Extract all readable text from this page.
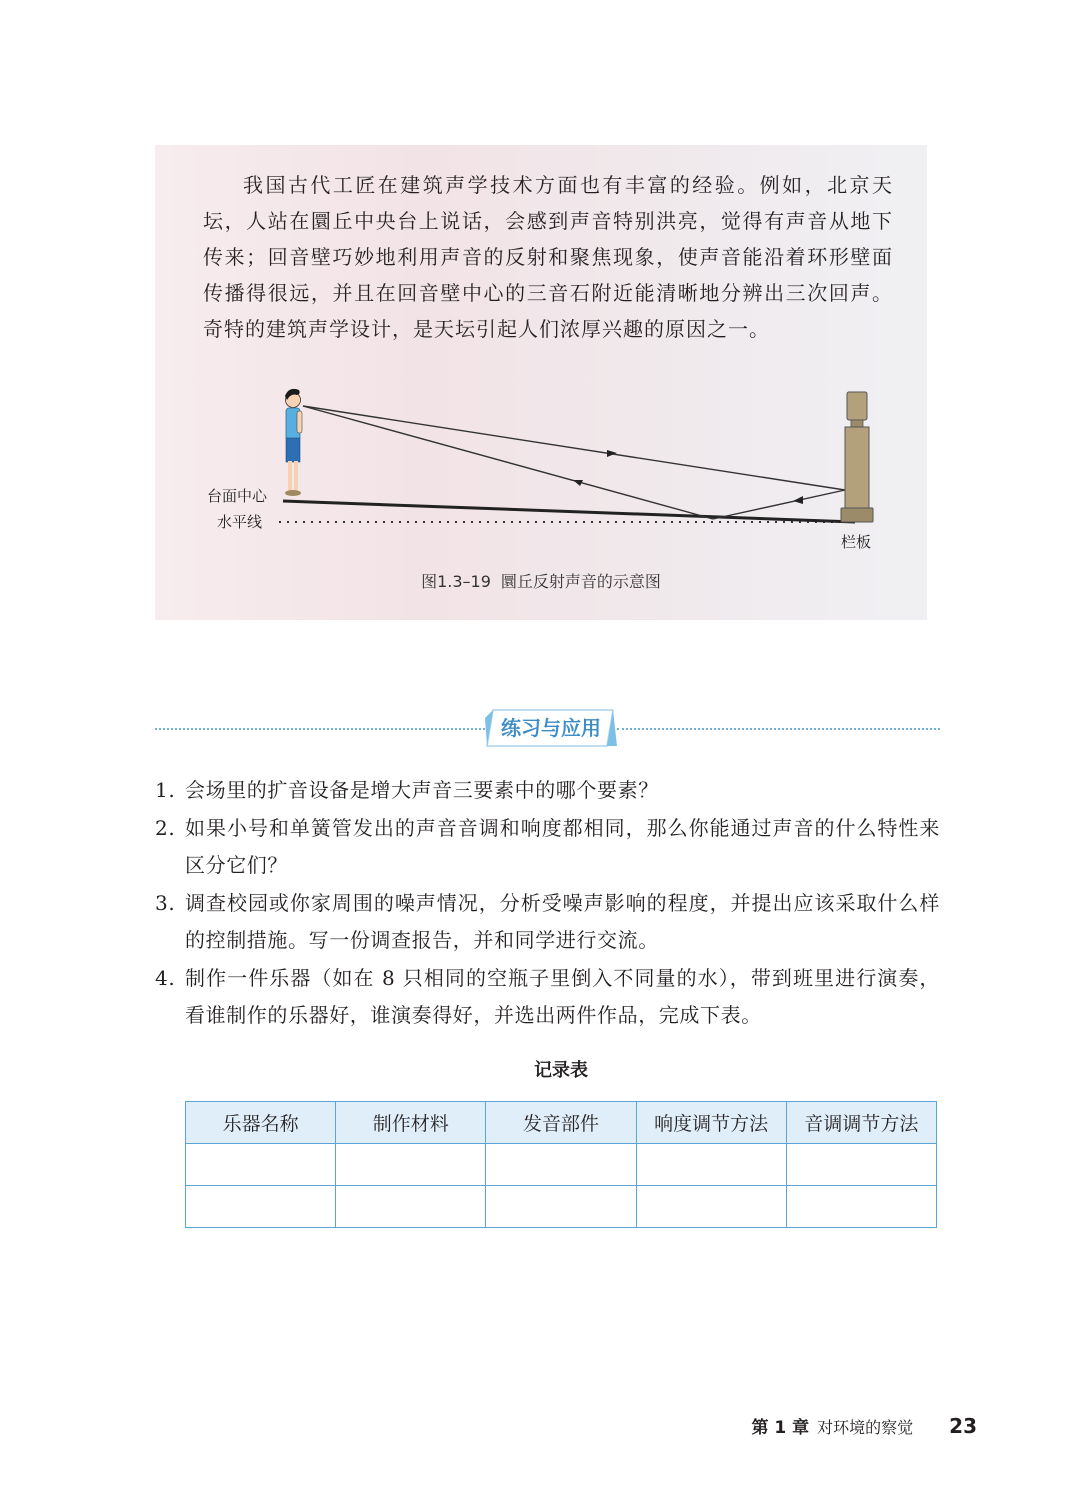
我国古代工匠在建筑声学技术方面也有丰富的经验。例如，北京天坛，人站在圜丘中央台上说话，会感到声音特别洪亮，觉得有声音从地下传来；回音壁巧妙地利用声音的反射和聚焦现象，使声音能沿着环形壁面传播得很远，并且在回音壁中心的三音石附近能清晰地分辨出三次回声。奇特的建筑声学设计，是天坛引起人们浓厚兴趣的原因之一。

台面中心
水平线
栏板
图1.3–19 圜丘反射声音的示意图
练习与应用

1. 会场里的扩音设备是增大声音三要素中的哪个要素？

2. 如果小号和单簧管发出的声音音调和响度都相同，那么你能通过声音的什么特性来区分它们？

3. 调查校园或你家周围的噪声情况，分析受噪声影响的程度，并提出应该采取什么样的控制措施。写一份调查报告，并和同学进行交流。

4. 制作一件乐器（如在 8 只相同的空瓶子里倒入不同量的水），带到班里进行演奏，看谁制作的乐器好，谁演奏得好，并选出两件作品，完成下表。

记录表
乐器名称	制作材料	发音部件	响度调节方法	音调调节方法

第 1 章 对环境的察觉 23
